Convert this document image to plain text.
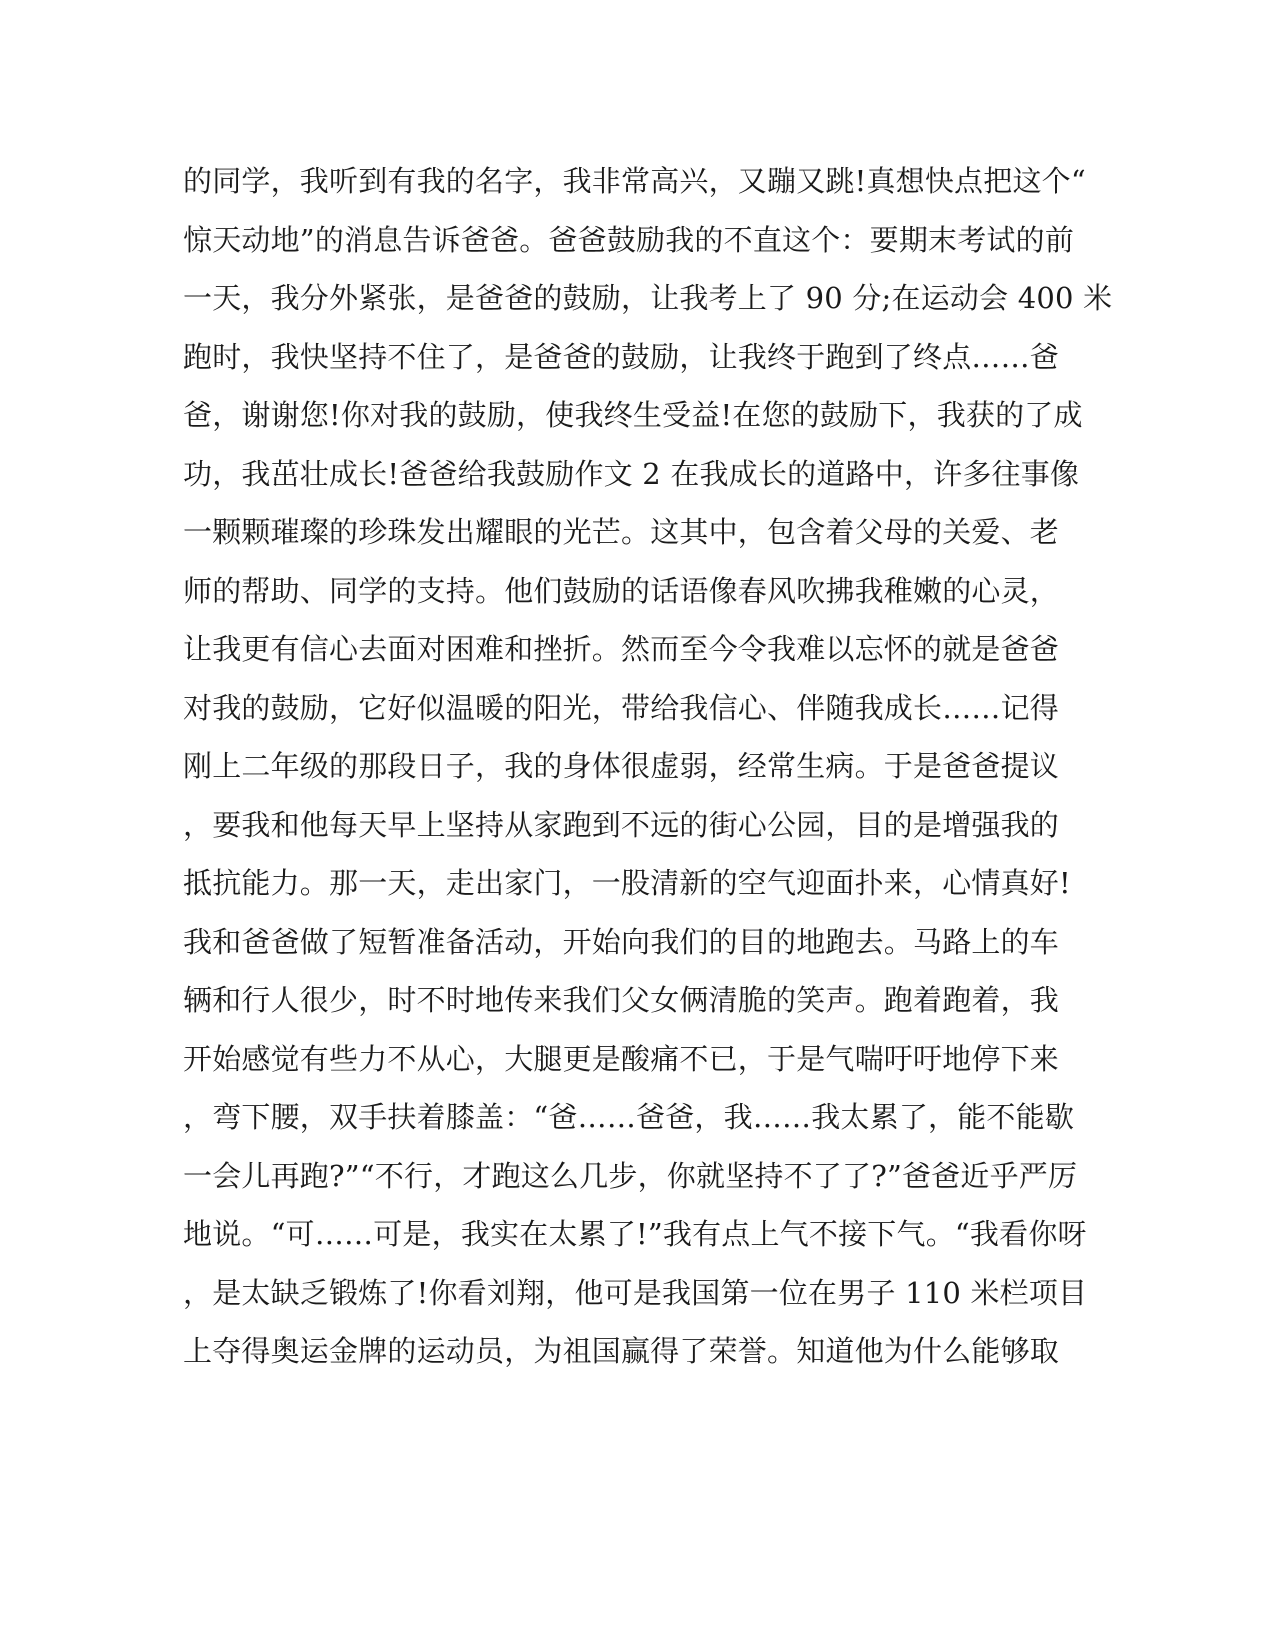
的同学，我听到有我的名字，我非常高兴，又蹦又跳!真想快点把这个“
惊天动地”的消息告诉爸爸。爸爸鼓励我的不直这个：要期末考试的前
一天，我分外紧张，是爸爸的鼓励，让我考上了 90 分;在运动会 400 米
跑时，我快坚持不住了，是爸爸的鼓励，让我终于跑到了终点……爸
爸，谢谢您!你对我的鼓励，使我终生受益!在您的鼓励下，我获的了成
功，我茁壮成长!爸爸给我鼓励作文 2 在我成长的道路中，许多往事像
一颗颗璀璨的珍珠发出耀眼的光芒。这其中，包含着父母的关爱、老
师的帮助、同学的支持。他们鼓励的话语像春风吹拂我稚嫩的心灵，
让我更有信心去面对困难和挫折。然而至今令我难以忘怀的就是爸爸
对我的鼓励，它好似温暖的阳光，带给我信心、伴随我成长……记得
刚上二年级的那段日子，我的身体很虚弱，经常生病。于是爸爸提议
，要我和他每天早上坚持从家跑到不远的街心公园，目的是增强我的
抵抗能力。那一天，走出家门，一股清新的空气迎面扑来，心情真好!
我和爸爸做了短暂准备活动，开始向我们的目的地跑去。马路上的车
辆和行人很少，时不时地传来我们父女俩清脆的笑声。跑着跑着，我
开始感觉有些力不从心，大腿更是酸痛不已，于是气喘吁吁地停下来
，弯下腰，双手扶着膝盖：“爸……爸爸，我……我太累了，能不能歇
一会儿再跑?”“不行，才跑这么几步，你就坚持不了了?”爸爸近乎严厉
地说。“可……可是，我实在太累了!”我有点上气不接下气。“我看你呀
，是太缺乏锻炼了!你看刘翔，他可是我国第一位在男子 110 米栏项目
上夺得奥运金牌的运动员，为祖国赢得了荣誉。知道他为什么能够取
